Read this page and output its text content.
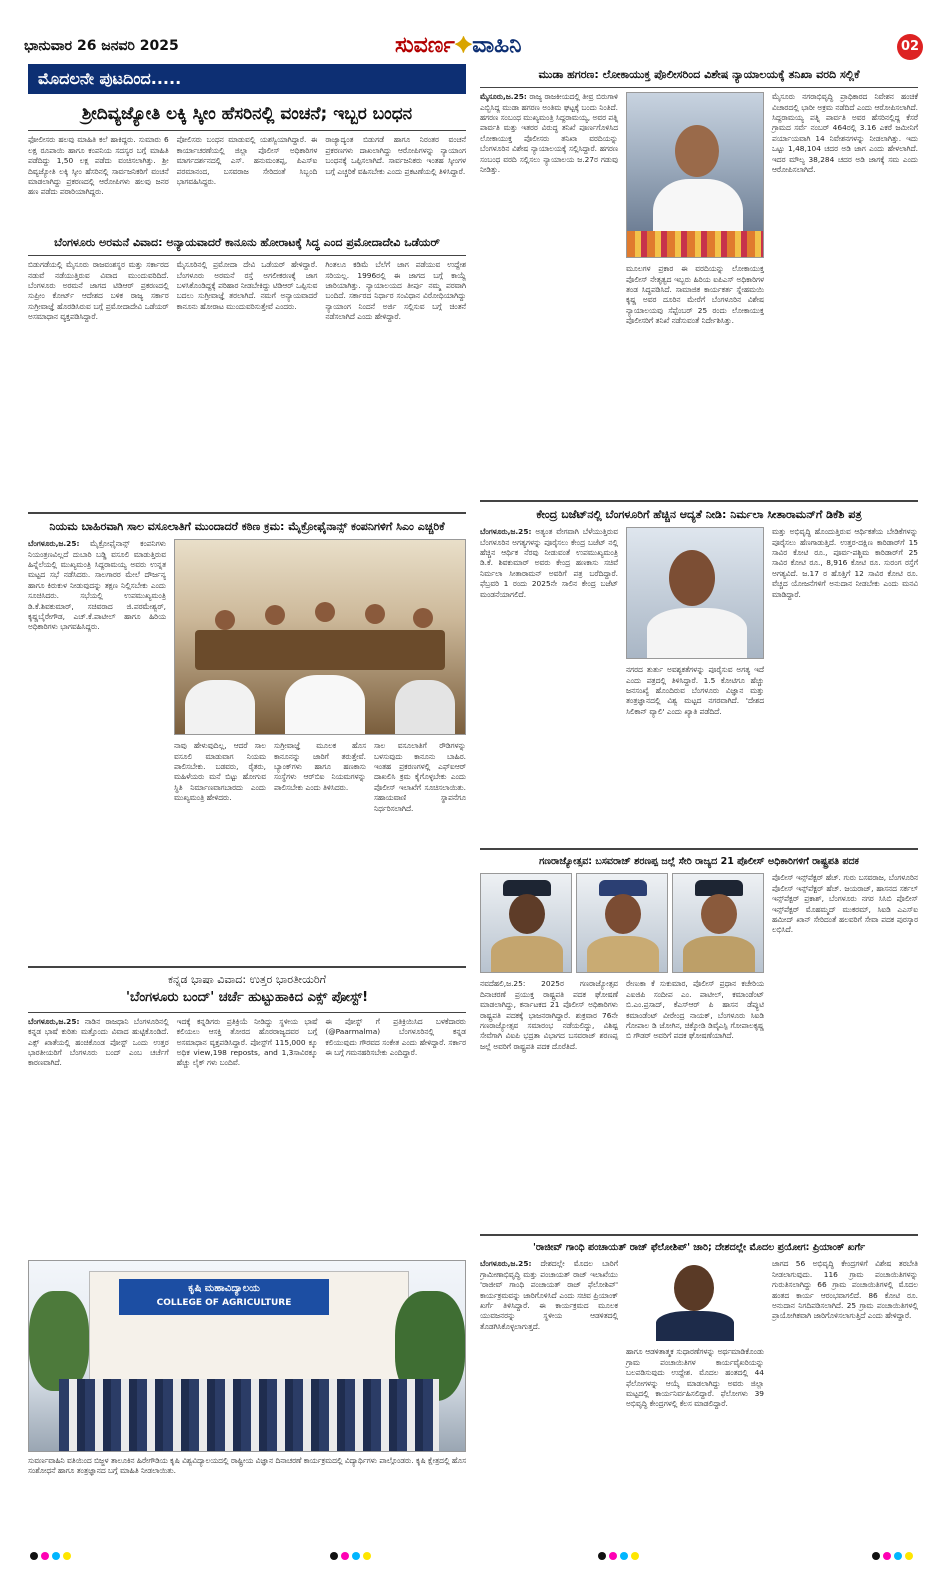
ಭಾನುವಾರ 26 ಜನವರಿ 2025	ಸುವರ್ಣ✦ವಾಹಿನಿ	02
ಮೊದಲನೇ ಪುಟದಿಂದ.....
ಶ್ರೀದಿವ್ಯಜ್ಯೋತಿ ಲಕ್ಕಿ ಸ್ಕೀಂ ಹೆಸರಿನಲ್ಲಿ ವಂಚನೆ; ಇಬ್ಬರ ಬಂಧನ
ಫೋಲೀಸರು ಹಲವು ಮಾಹಿತಿ ಕಲೆ ಹಾಕಿದ್ದರು. ಸುಮಾರು 6 ಲಕ್ಷ ರೂಪಾಯಿ ಹಾಗೂ ಕಂಪನಿಯ ಸದಸ್ಯರ ಬಗ್ಗೆ ಮಾಹಿತಿ ಪಡೆದಿದ್ದು 1,50 ಲಕ್ಷ ಪಡೆದು ವಂಚಿಸಲಾಗಿತ್ತು. ಶ್ರೀ ದಿವ್ಯಜ್ಯೋತಿ ಲಕ್ಕಿ ಸ್ಕೀಂ ಹೆಸರಿನಲ್ಲಿ ಸಾರ್ವಜನಿಕರಿಗೆ ವಂಚನೆ ಮಾಡಲಾಗಿದ್ದು ಪ್ರಕರಣದಲ್ಲಿ ಆರೋಪಿಗಳು ಹಲವು ಜನರ ಹಣ ಪಡೆದು ಪರಾರಿಯಾಗಿದ್ದರು.
ಪೋಲಿಸರು ಬಂಧನ ಮಾಡುವಲ್ಲಿ ಯಶಸ್ವಿಯಾಗಿದ್ದಾರೆ. ಈ ಕಾರ್ಯಾಚರಣೆಯಲ್ಲಿ ಜಿಲ್ಲಾ ಪೊಲೀಸ್ ಅಧಿಕಾರಿಗಳ ಮಾರ್ಗದರ್ಶನದಲ್ಲಿ ಎಸ್. ಹನುಮಂತಪ್ಪ, ಪಿಎಸ್‌ಐ ಪರಮಾನಂದ, ಬಸವರಾಜ ಸೇರಿದಂತೆ ಸಿಬ್ಬಂದಿ ಭಾಗವಹಿಸಿದ್ದರು.
ರಾಜ್ಯಾದ್ಯಂತ ಬಿಡುಗಡೆ ಹಾಗೂ ನಿರಂತರ ವಂಚನೆ ಪ್ರಕರಣಗಳು ದಾಖಲಾಗಿದ್ದು ಆರೋಪಿಗಳನ್ನು ನ್ಯಾಯಾಂಗ ಬಂಧನಕ್ಕೆ ಒಪ್ಪಿಸಲಾಗಿದೆ. ಸಾರ್ವಜನಿಕರು ಇಂತಹ ಸ್ಕೀಂಗಳ ಬಗ್ಗೆ ಎಚ್ಚರಿಕೆ ವಹಿಸಬೇಕು ಎಂದು ಪ್ರಕಟಣೆಯಲ್ಲಿ ತಿಳಿಸಿದ್ದಾರೆ.
ಬೆಂಗಳೂರು ಅರಮನೆ ವಿವಾದ: ಅನ್ಯಾಯವಾದರೆ ಕಾನೂನು ಹೋರಾಟಕ್ಕೆ ಸಿದ್ಧ ಎಂದ ಪ್ರಮೋದಾದೇವಿ ಒಡೆಯರ್
ಬಿಡುಗಡೆಯಲ್ಲಿ ಮೈಸೂರು ರಾಜವಂಶಸ್ಥರ ಮತ್ತು ಸರ್ಕಾರದ ನಡುವೆ ನಡೆಯುತ್ತಿರುವ ವಿವಾದ ಮುಂದುವರಿದಿದೆ. ಬೆಂಗಳೂರು ಅರಮನೆ ಜಾಗದ ಟಿಡಿಆರ್ ಪ್ರಕರಣದಲ್ಲಿ ಸುಪ್ರೀಂ ಕೋರ್ಟ್ ಆದೇಶದ ಬಳಿಕ ರಾಜ್ಯ ಸರ್ಕಾರ ಸುಗ್ರೀವಾಜ್ಞೆ ಹೊರಡಿಸಿರುವ ಬಗ್ಗೆ ಪ್ರಮೋದಾದೇವಿ ಒಡೆಯರ್ ಅಸಮಾಧಾನ ವ್ಯಕ್ತಪಡಿಸಿದ್ದಾರೆ.
ಮೈಸೂರಿನಲ್ಲಿ ಪ್ರಮೋದಾ ದೇವಿ ಒಡೆಯರ್ ಹೇಳಿದ್ದಾರೆ. ಬೆಂಗಳೂರು ಅರಮನೆ ರಸ್ತೆ ಅಗಲೀಕರಣಕ್ಕೆ ಜಾಗ ಬಳಸಿಕೊಂಡಿದ್ದಕ್ಕೆ ಪರಿಹಾರ ನೀಡಬೇಕಿದ್ದು ಟಿಡಿಆರ್ ಒಪ್ಪಿಸುವ ಬದಲು ಸುಗ್ರೀವಾಜ್ಞೆ ತರಲಾಗಿದೆ. ನಮಗೆ ಅನ್ಯಾಯವಾದರೆ ಕಾನೂನು ಹೋರಾಟ ಮುಂದುವರಿಸುತ್ತೇವೆ ಎಂದರು.
ಗಿಂತಲೂ ಕಡಿಮೆ ಬೆಲೆಗೆ ಜಾಗ ಪಡೆಯುವ ಉದ್ದೇಶ ಸರಿಯಲ್ಲ. 1996ರಲ್ಲಿ ಈ ಜಾಗದ ಬಗ್ಗೆ ಕಾಯ್ದೆ ಜಾರಿಯಾಗಿತ್ತು. ನ್ಯಾಯಾಲಯದ ತೀರ್ಪು ನಮ್ಮ ಪರವಾಗಿ ಬಂದಿದೆ. ಸರ್ಕಾರದ ನಿರ್ಧಾರ ಸಂವಿಧಾನ ವಿರೋಧಿಯಾಗಿದ್ದು ನ್ಯಾಯಾಂಗ ನಿಂದನೆ ಅರ್ಜಿ ಸಲ್ಲಿಸುವ ಬಗ್ಗೆ ಚಿಂತನೆ ನಡೆಸಲಾಗಿದೆ ಎಂದು ಹೇಳಿದ್ದಾರೆ.
ನಿಯಮ ಬಾಹಿರವಾಗಿ ಸಾಲ ವಸೂಲಾತಿಗೆ ಮುಂದಾದರೆ ಕಠಿಣ ಕ್ರಮ: ಮೈಕ್ರೋಫೈನಾನ್ಸ್ ಕಂಪನಿಗಳಿಗೆ ಸಿಎಂ ಎಚ್ಚರಿಕೆ
ಬೆಂಗಳೂರು,ಜ.25: ಮೈಕ್ರೋಫೈನಾನ್ಸ್ ಕಂಪನಿಗಳು ನಿಯಂತ್ರಣವಿಲ್ಲದೆ ದುಬಾರಿ ಬಡ್ಡಿ ವಸೂಲಿ ಮಾಡುತ್ತಿರುವ ಹಿನ್ನೆಲೆಯಲ್ಲಿ ಮುಖ್ಯಮಂತ್ರಿ ಸಿದ್ದರಾಮಯ್ಯ ಅವರು ಉನ್ನತ ಮಟ್ಟದ ಸಭೆ ನಡೆಸಿದರು. ಸಾಲಗಾರರ ಮೇಲೆ ದೌರ್ಜನ್ಯ ಹಾಗೂ ಕಿರುಕುಳ ನೀಡುವುದನ್ನು ತಕ್ಷಣ ನಿಲ್ಲಿಸಬೇಕು ಎಂದು ಸೂಚಿಸಿದರು. ಸಭೆಯಲ್ಲಿ ಉಪಮುಖ್ಯಮಂತ್ರಿ ಡಿ.ಕೆ.ಶಿವಕುಮಾರ್, ಸಚಿವರಾದ ಜಿ.ಪರಮೇಶ್ವರ್, ಕೃಷ್ಣಬೈರೇಗೌಡ, ಎಚ್.ಕೆ.ಪಾಟೀಲ್ ಹಾಗೂ ಹಿರಿಯ ಅಧಿಕಾರಿಗಳು ಭಾಗವಹಿಸಿದ್ದರು.
ನಾವು ಹೇಳುವುದಿಲ್ಲ, ಆದರೆ ಸಾಲ ವಸೂಲಿ ಮಾಡುವಾಗ ನಿಯಮ ಪಾಲಿಸಬೇಕು. ಬಡವರು, ರೈತರು, ಮಹಿಳೆಯರು ಮನೆ ಬಿಟ್ಟು ಹೋಗುವ ಸ್ಥಿತಿ ನಿರ್ಮಾಣವಾಗಬಾರದು ಎಂದು ಮುಖ್ಯಮಂತ್ರಿ ಹೇಳಿದರು.
ಸುಗ್ರೀವಾಜ್ಞೆ ಮೂಲಕ ಹೊಸ ಕಾನೂನನ್ನು ಜಾರಿಗೆ ತರುತ್ತೇವೆ. ಬ್ಯಾಂಕ್‌ಗಳು ಹಾಗೂ ಹಣಕಾಸು ಸಂಸ್ಥೆಗಳು ಆರ್‌ಬಿಐ ನಿಯಮಗಳನ್ನು ಪಾಲಿಸಬೇಕು ಎಂದು ತಿಳಿಸಿದರು.
ಸಾಲ ವಸೂಲಾತಿಗೆ ರೌಡಿಗಳನ್ನು ಬಳಸುವುದು ಕಾನೂನು ಬಾಹಿರ. ಇಂತಹ ಪ್ರಕರಣಗಳಲ್ಲಿ ಎಫ್‌ಐಆರ್ ದಾಖಲಿಸಿ ಕ್ರಮ ಕೈಗೊಳ್ಳಬೇಕು ಎಂದು ಪೊಲೀಸ್ ಇಲಾಖೆಗೆ ಸೂಚಿಸಲಾಯಿತು. ಸಹಾಯವಾಣಿ ಸ್ಥಾಪನೆಗೂ ನಿರ್ಧರಿಸಲಾಗಿದೆ.
ಕನ್ನಡ ಭಾಷಾ ವಿವಾದ: ಉತ್ತರ ಭಾರತೀಯರಿಗೆ
'ಬೆಂಗಳೂರು ಬಂದ್' ಚರ್ಚೆ ಹುಟ್ಟುಹಾಕಿದ ಎಕ್ಸ್ ಪೋಸ್ಟ್!
ಬೆಂಗಳೂರು,ಜ.25: ನಾಡಿನ ರಾಜಧಾನಿ ಬೆಂಗಳೂರಿನಲ್ಲಿ ಕನ್ನಡ ಭಾಷೆ ಕುರಿತು ಮತ್ತೊಂದು ವಿವಾದ ಹುಟ್ಟಿಕೊಂಡಿದೆ. ಎಕ್ಸ್ ಖಾತೆಯಲ್ಲಿ ಹಂಚಿಕೊಂಡ ಪೋಸ್ಟ್ ಒಂದು ಉತ್ತರ ಭಾರತೀಯರಿಗೆ ಬೆಂಗಳೂರು ಬಂದ್ ಎಂಬ ಚರ್ಚೆಗೆ ಕಾರಣವಾಗಿದೆ.
ಇದಕ್ಕೆ ಕನ್ನಡಿಗರು ಪ್ರತಿಕ್ರಿಯೆ ನೀಡಿದ್ದು ಸ್ಥಳೀಯ ಭಾಷೆ ಕಲಿಯಲು ಆಸಕ್ತಿ ತೋರದ ಹೊರರಾಜ್ಯದವರ ಬಗ್ಗೆ ಅಸಮಾಧಾನ ವ್ಯಕ್ತಪಡಿಸಿದ್ದಾರೆ. ಪೋಸ್ಟ್‌ಗೆ 115,000 ಕ್ಕೂ ಅಧಿಕ view,198 reposts, and 1,3ಸಾವಿರಕ್ಕೂ ಹೆಚ್ಚು ಲೈಕ್ ಗಳು ಬಂದಿವೆ.
ಈ ಪೋಸ್ಟ್ ಗೆ ಪ್ರತಿಕ್ರಿಯಿಸಿದ ಬಳಕೆದಾರರು (@Paarmalma) ಬೆಂಗಳೂರಿನಲ್ಲಿ ಕನ್ನಡ ಕಲಿಯುವುದು ಗೌರವದ ಸಂಕೇತ ಎಂದು ಹೇಳಿದ್ದಾರೆ. ಸರ್ಕಾರ ಈ ಬಗ್ಗೆ ಗಮನಹರಿಸಬೇಕು ಎಂದಿದ್ದಾರೆ.
ಕೃಷಿ ಮಹಾವಿದ್ಯಾಲಯ
COLLEGE OF AGRICULTURE
ಸುವರ್ಣವಾಹಿನಿ ವತಿಯಿಂದ ಬಿಜ್ಜಳ ತಾಲೂಕಿನ ಹಿರೇಗೌಡಿಯ ಕೃಷಿ ವಿಶ್ವವಿದ್ಯಾಲಯದಲ್ಲಿ ರಾಷ್ಟ್ರೀಯ ವಿಜ್ಞಾನ ದಿನಾಚರಣೆ ಕಾರ್ಯಕ್ರಮದಲ್ಲಿ ವಿದ್ಯಾರ್ಥಿಗಳು ಪಾಲ್ಗೊಂಡರು. ಕೃಷಿ ಕ್ಷೇತ್ರದಲ್ಲಿ ಹೊಸ ಸಂಶೋಧನೆ ಹಾಗೂ ತಂತ್ರಜ್ಞಾನದ ಬಗ್ಗೆ ಮಾಹಿತಿ ನೀಡಲಾಯಿತು.
ಮುಡಾ ಹಗರಣ: ಲೋಕಾಯುಕ್ತ ಪೊಲೀಸರಿಂದ ವಿಶೇಷ ನ್ಯಾಯಾಲಯಕ್ಕೆ ತನಿಖಾ ವರದಿ ಸಲ್ಲಿಕೆ
ಮೈಸೂರು,ಜ.25: ರಾಜ್ಯ ರಾಜಕೀಯದಲ್ಲಿ ತೀವ್ರ ಬಿರುಗಾಳಿ ಎಬ್ಬಿಸಿದ್ದ ಮುಡಾ ಹಗರಣ ಅಂತಿಮ ಘಟ್ಟಕ್ಕೆ ಬಂದು ನಿಂತಿದೆ. ಹಗರಣ ಸಂಬಂಧ ಮುಖ್ಯಮಂತ್ರಿ ಸಿದ್ದರಾಮಯ್ಯ, ಅವರ ಪತ್ನಿ ಪಾರ್ವತಿ ಮತ್ತು ಇತರರ ವಿರುದ್ಧ ತನಿಖೆ ಪೂರ್ಣಗೊಳಿಸಿದ ಲೋಕಾಯುಕ್ತ ಪೊಲೀಸರು ತನಿಖಾ ವರದಿಯನ್ನು ಬೆಂಗಳೂರಿನ ವಿಶೇಷ ನ್ಯಾಯಾಲಯಕ್ಕೆ ಸಲ್ಲಿಸಿದ್ದಾರೆ. ಹಗರಣ ಸಂಬಂಧ ವರದಿ ಸಲ್ಲಿಸಲು ನ್ಯಾಯಾಲಯ ಜ.27ರ ಗಡುವು ನೀಡಿತ್ತು.
ಮೂಲಗಳ ಪ್ರಕಾರ ಈ ವರದಿಯನ್ನು ಲೋಕಾಯುಕ್ತ ಪೊಲೀಸ್ ನೇತೃತ್ವದ ಇಬ್ಬರು ಹಿರಿಯ ಐಪಿಎಸ್ ಅಧಿಕಾರಿಗಳ ತಂಡ ಸಿದ್ಧಪಡಿಸಿದೆ. ಸಾಮಾಜಿಕ ಕಾರ್ಯಕರ್ತ ಸ್ನೇಹಮಯಿ ಕೃಷ್ಣ ಅವರ ದೂರಿನ ಮೇರೆಗೆ ಬೆಂಗಳೂರಿನ ವಿಶೇಷ ನ್ಯಾಯಾಲಯವು ಸೆಪ್ಟೆಂಬರ್ 25 ರಂದು ಲೋಕಾಯುಕ್ತ ಪೊಲೀಸರಿಗೆ ತನಿಖೆ ನಡೆಸುವಂತೆ ನಿರ್ದೇಶಿಸಿತ್ತು.
ಮೈಸೂರು ನಗರಾಭಿವೃದ್ಧಿ ಪ್ರಾಧಿಕಾರದ ನಿವೇಶನ ಹಂಚಿಕೆ ವಿಚಾರದಲ್ಲಿ ಭಾರೀ ಅಕ್ರಮ ನಡೆದಿದೆ ಎಂದು ಆರೋಪಿಸಲಾಗಿದೆ. ಸಿದ್ದರಾಮಯ್ಯ ಪತ್ನಿ ಪಾರ್ವತಿ ಅವರ ಹೆಸರಿನಲ್ಲಿದ್ದ ಕೆಸರೆ ಗ್ರಾಮದ ಸರ್ವೆ ನಂಬರ್ 464ರಲ್ಲಿ 3.16 ಎಕರೆ ಜಮೀನಿಗೆ ಪರ್ಯಾಯವಾಗಿ 14 ನಿವೇಶನಗಳನ್ನು ನೀಡಲಾಗಿತ್ತು. ಇದು ಒಟ್ಟು 1,48,104 ಚದರ ಅಡಿ ಜಾಗ ಎಂದು ಹೇಳಲಾಗಿದೆ. ಇದರ ಮೌಲ್ಯ 38,284 ಚದರ ಅಡಿ ಜಾಗಕ್ಕೆ ಸಮ ಎಂದು ಆರೋಪಿಸಲಾಗಿದೆ.
ಕೇಂದ್ರ ಬಜೆಟ್‌ನಲ್ಲಿ ಬೆಂಗಳೂರಿಗೆ ಹೆಚ್ಚಿನ ಆದ್ಯತೆ ನೀಡಿ: ನಿರ್ಮಲಾ ಸೀತಾರಾಮನ್‌ಗೆ ಡಿಕೆಶಿ ಪತ್ರ
ಬೆಂಗಳೂರು,ಜ.25: ಅತ್ಯಂತ ವೇಗವಾಗಿ ಬೆಳೆಯುತ್ತಿರುವ ಬೆಂಗಳೂರಿನ ಅಗತ್ಯಗಳನ್ನು ಪೂರೈಸಲು ಕೇಂದ್ರ ಬಜೆಟ್ ನಲ್ಲಿ ಹೆಚ್ಚಿನ ಆರ್ಥಿಕ ನೆರವು ನೀಡುವಂತೆ ಉಪಮುಖ್ಯಮಂತ್ರಿ ಡಿ.ಕೆ. ಶಿವಕುಮಾರ್ ಅವರು ಕೇಂದ್ರ ಹಣಕಾಸು ಸಚಿವೆ ನಿರ್ಮಲಾ ಸೀತಾರಾಮನ್ ಅವರಿಗೆ ಪತ್ರ ಬರೆದಿದ್ದಾರೆ. ಫೆಬ್ರವರಿ 1 ರಂದು 2025ನೇ ಸಾಲಿನ ಕೇಂದ್ರ ಬಜೆಟ್ ಮಂಡನೆಯಾಗಲಿದೆ.
ನಗರದ ತುರ್ತು ಅವಶ್ಯಕತೆಗಳನ್ನು ಪೂರೈಸುವ ಅಗತ್ಯ ಇದೆ ಎಂದು ಪತ್ರದಲ್ಲಿ ತಿಳಿಸಿದ್ದಾರೆ. 1.5 ಕೋಟಿಗೂ ಹೆಚ್ಚು ಜನಸಂಖ್ಯೆ ಹೊಂದಿರುವ ಬೆಂಗಳೂರು ವಿಜ್ಞಾನ ಮತ್ತು ತಂತ್ರಜ್ಞಾನದಲ್ಲಿ ವಿಶ್ವ ಮಟ್ಟದ ನಗರವಾಗಿದೆ. 'ದೇಶದ ಸಿಲಿಕಾನ್ ವ್ಯಾಲಿ' ಎಂದು ಖ್ಯಾತಿ ಪಡೆದಿದೆ.
ಮತ್ತು ಅಭಿವೃದ್ಧಿ ಹೊಂದುತ್ತಿರುವ ಆರ್ಥಿಕತೆಯ ಬೇಡಿಕೆಗಳನ್ನು ಪೂರೈಸಲು ಹೆಣಗಾಡುತ್ತಿದೆ. ಉತ್ತರ-ದಕ್ಷಿಣ ಕಾರಿಡಾರ್‌ಗೆ 15 ಸಾವಿರ ಕೋಟಿ ರೂ., ಪೂರ್ವ-ಪಶ್ಚಿಮ ಕಾರಿಡಾರ್‌ಗೆ 25 ಸಾವಿರ ಕೋಟಿ ರೂ., 8,916 ಕೋಟಿ ರೂ. ಸುರಂಗ ರಸ್ತೆಗೆ ಅಗತ್ಯವಿದೆ. ಜ.17 ರ ಹೊತ್ತಿಗೆ 12 ಸಾವಿರ ಕೋಟಿ ರೂ. ವೆಚ್ಚದ ಯೋಜನೆಗಳಿಗೆ ಅನುದಾನ ನೀಡಬೇಕು ಎಂದು ಮನವಿ ಮಾಡಿದ್ದಾರೆ.
ಗಣರಾಜ್ಯೋತ್ಸವ: ಬಸವರಾಜ್ ಶರಣಪ್ಪ ಜಲ್ಲೆ ಸೇರಿ ರಾಜ್ಯದ 21 ಪೊಲೀಸ್ ಅಧಿಕಾರಿಗಳಿಗೆ ರಾಷ್ಟ್ರಪತಿ ಪದಕ
ನವದೆಹಲಿ,ಜ.25: 2025ರ ಗಣರಾಜ್ಯೋತ್ಸವ ದಿನಾಚರಣೆ ಪ್ರಯುಕ್ತ ರಾಷ್ಟ್ರಪತಿ ಪದಕ ಘೋಷಣೆ ಮಾಡಲಾಗಿದ್ದು, ಕರ್ನಾಟಕದ 21 ಪೊಲೀಸ್ ಅಧಿಕಾರಿಗಳು ರಾಷ್ಟ್ರಪತಿ ಪದಕಕ್ಕೆ ಭಾಜನರಾಗಿದ್ದಾರೆ. ಶುಕ್ರವಾರ 76ನೇ ಗಣರಾಜ್ಯೋತ್ಸವ ಸಮಾರಂಭ ನಡೆಯಲಿದ್ದು, ವಿಶಿಷ್ಟ ಸೇವೆಗಾಗಿ ವಿಐಪಿ ಭದ್ರತಾ ವಿಭಾಗದ ಬಸವರಾಜ್ ಶರಣಪ್ಪ ಜಲ್ಲೆ ಅವರಿಗೆ ರಾಷ್ಟ್ರಪತಿ ಪದಕ ದೊರೆತಿದೆ.
ರೇಣುಕಾ ಕೆ ಸುಕುಮಾರ, ಪೊಲೀಸ್ ಪ್ರಧಾನ ಕಚೇರಿಯ ಎಐಜಿಪಿ ಸಂದೀಪ ಎಂ. ಪಾಟೀಲ್, ಕಮಾಂಡೆಂಟ್ ಬಿ.ಎಂ.ಪ್ರಸಾದ್, ಕೆಎಸ್ಆರ್ ಪಿ ಹಾಸನ ಡೆಪ್ಯುಟಿ ಕಮಾಂಡೆಂಟ್ ವೀರೇಂದ್ರ ನಾಯಕ್, ಬೆಂಗಳೂರು ಸಿಐಡಿ ಗೋಪಾಲ ಡಿ ಜೋಗಿನ, ಚಿಕ್ಕೋಡಿ ಡಿವೈಎಸ್ಪಿ ಗೋಪಾಲಕೃಷ್ಣ ಬಿ ಗೌಡರ್ ಅವರಿಗೆ ಪದಕ ಘೋಷಣೆಯಾಗಿದೆ.
ಪೊಲೀಸ್ ಇನ್ಸ್‌ಪೆಕ್ಟರ್ ಹೆಚ್. ಗುರು ಬಸವರಾಜ, ಬೆಂಗಳೂರಿನ ಪೊಲೀಸ್ ಇನ್ಸ್‌ಪೆಕ್ಟರ್ ಹೆಚ್. ಜಯರಾಜ್, ಹಾಸನದ ಸರ್ಕಲ್ ಇನ್ಸ್‌ಪೆಕ್ಟರ್ ಪ್ರಕಾಶ್, ಬೆಂಗಳೂರು ನಗರ ಸಿಸಿಬಿ ಪೊಲೀಸ್ ಇನ್ಸ್‌ಪೆಕ್ಟರ್ ಮೊಹಮ್ಮದ್ ಮುಕರಮ್, ಸಿಐಡಿ ಎಎಸ್ಐ ಹಮೀದ್ ಖಾನ್ ಸೇರಿದಂತೆ ಹಲವರಿಗೆ ಸೇವಾ ಪದಕ ಪುರಸ್ಕಾರ ಲಭಿಸಿದೆ.
'ರಾಜೀವ್ ಗಾಂಧಿ ಪಂಚಾಯತ್ ರಾಜ್ ಫೆಲೋಶಿಪ್' ಜಾರಿ; ದೇಶದಲ್ಲೇ ಮೊದಲ ಪ್ರಯೋಗ: ಪ್ರಿಯಾಂಕ್ ಖರ್ಗೆ
ಬೆಂಗಳೂರು,ಜ.25: ದೇಶದಲ್ಲೇ ಮೊದಲ ಬಾರಿಗೆ ಗ್ರಾಮೀಣಾಭಿವೃದ್ಧಿ ಮತ್ತು ಪಂಚಾಯತ್ ರಾಜ್ ಇಲಾಖೆಯು 'ರಾಜೀವ್ ಗಾಂಧಿ ಪಂಚಾಯತ್ ರಾಜ್ ಫೆಲೋಶಿಪ್' ಕಾರ್ಯಕ್ರಮವನ್ನು ಜಾರಿಗೊಳಿಸಿದೆ ಎಂದು ಸಚಿವ ಪ್ರಿಯಾಂಕ್ ಖರ್ಗೆ ತಿಳಿಸಿದ್ದಾರೆ. ಈ ಕಾರ್ಯಕ್ರಮದ ಮೂಲಕ ಯುವಜನರನ್ನು ಸ್ಥಳೀಯ ಆಡಳಿತದಲ್ಲಿ ತೊಡಗಿಸಿಕೊಳ್ಳಲಾಗುತ್ತದೆ.
ಹಾಗೂ ಆಡಳಿತಾತ್ಮಕ ಸುಧಾರಣೆಗಳನ್ನು ಅರ್ಥಮಾಡಿಕೊಂಡು ಗ್ರಾಮ ಪಂಚಾಯಿತಿಗಳ ಕಾರ್ಯವೈಖರಿಯನ್ನು ಬಲಪಡಿಸುವುದು ಉದ್ದೇಶ. ಮೊದಲ ಹಂತದಲ್ಲಿ 44 ಫೆಲೋಗಳನ್ನು ಆಯ್ಕೆ ಮಾಡಲಾಗಿದ್ದು ಅವರು ಜಿಲ್ಲಾ ಮಟ್ಟದಲ್ಲಿ ಕಾರ್ಯನಿರ್ವಹಿಸಲಿದ್ದಾರೆ. ಫೆಲೋಗಳು 39 ಅಭಿವೃದ್ಧಿ ಕೇಂದ್ರಗಳಲ್ಲಿ ಕೆಲಸ ಮಾಡಲಿದ್ದಾರೆ.
ಜಾಗದ 56 ಅಭಿವೃದ್ಧಿ ಕೇಂದ್ರಗಳಿಗೆ ವಿಶೇಷ ತರಬೇತಿ ನೀಡಲಾಗುವುದು. 116 ಗ್ರಾಮ ಪಂಚಾಯಿತಿಗಳನ್ನು ಗುರುತಿಸಲಾಗಿದ್ದು 66 ಗ್ರಾಮ ಪಂಚಾಯಿತಿಗಳಲ್ಲಿ ಮೊದಲ ಹಂತದ ಕಾರ್ಯ ಆರಂಭವಾಗಲಿದೆ. 86 ಕೋಟಿ ರೂ. ಅನುದಾನ ನಿಗದಿಪಡಿಸಲಾಗಿದೆ. 25 ಗ್ರಾಮ ಪಂಚಾಯಿತಿಗಳಲ್ಲಿ ಪ್ರಾಯೋಗಿಕವಾಗಿ ಜಾರಿಗೊಳಿಸಲಾಗುತ್ತಿದೆ ಎಂದು ಹೇಳಿದ್ದಾರೆ.
